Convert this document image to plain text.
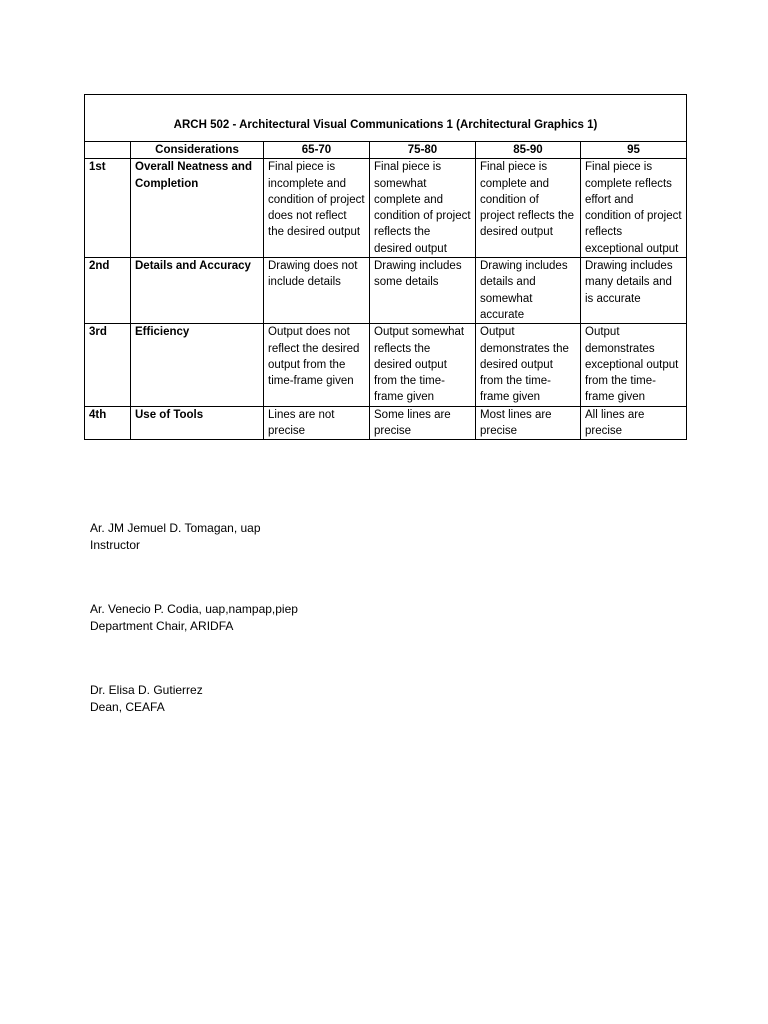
ARCH 502 - Architectural Visual Communications 1 (Architectural Graphics 1)					
	Considerations	65-70	75-80	85-90	95
1st	Overall Neatness and Completion	Final piece is incomplete and condition of project does not reflect the desired output	Final piece is somewhat complete and condition of project reflects the desired output	Final piece is complete and condition of project reflects the desired output	Final piece is complete reflects effort and condition of project reflects exceptional output
2nd	Details and Accuracy	Drawing does not include details	Drawing includes some details	Drawing includes details and somewhat accurate	Drawing includes many details and is accurate
3rd	Efficiency	Output does not reflect the desired output from the time-frame given	Output somewhat reflects the desired output from the time-frame given	Output demonstrates the desired output from the time-frame given	Output demonstrates exceptional output from the time-frame given
4th	Use of Tools	Lines are not precise	Some lines are precise	Most lines are precise	All lines are precise
Ar. JM Jemuel D. Tomagan, uap
Instructor
Ar. Venecio P. Codia, uap,nampap,piep
Department Chair, ARIDFA
Dr. Elisa D. Gutierrez
Dean, CEAFA
